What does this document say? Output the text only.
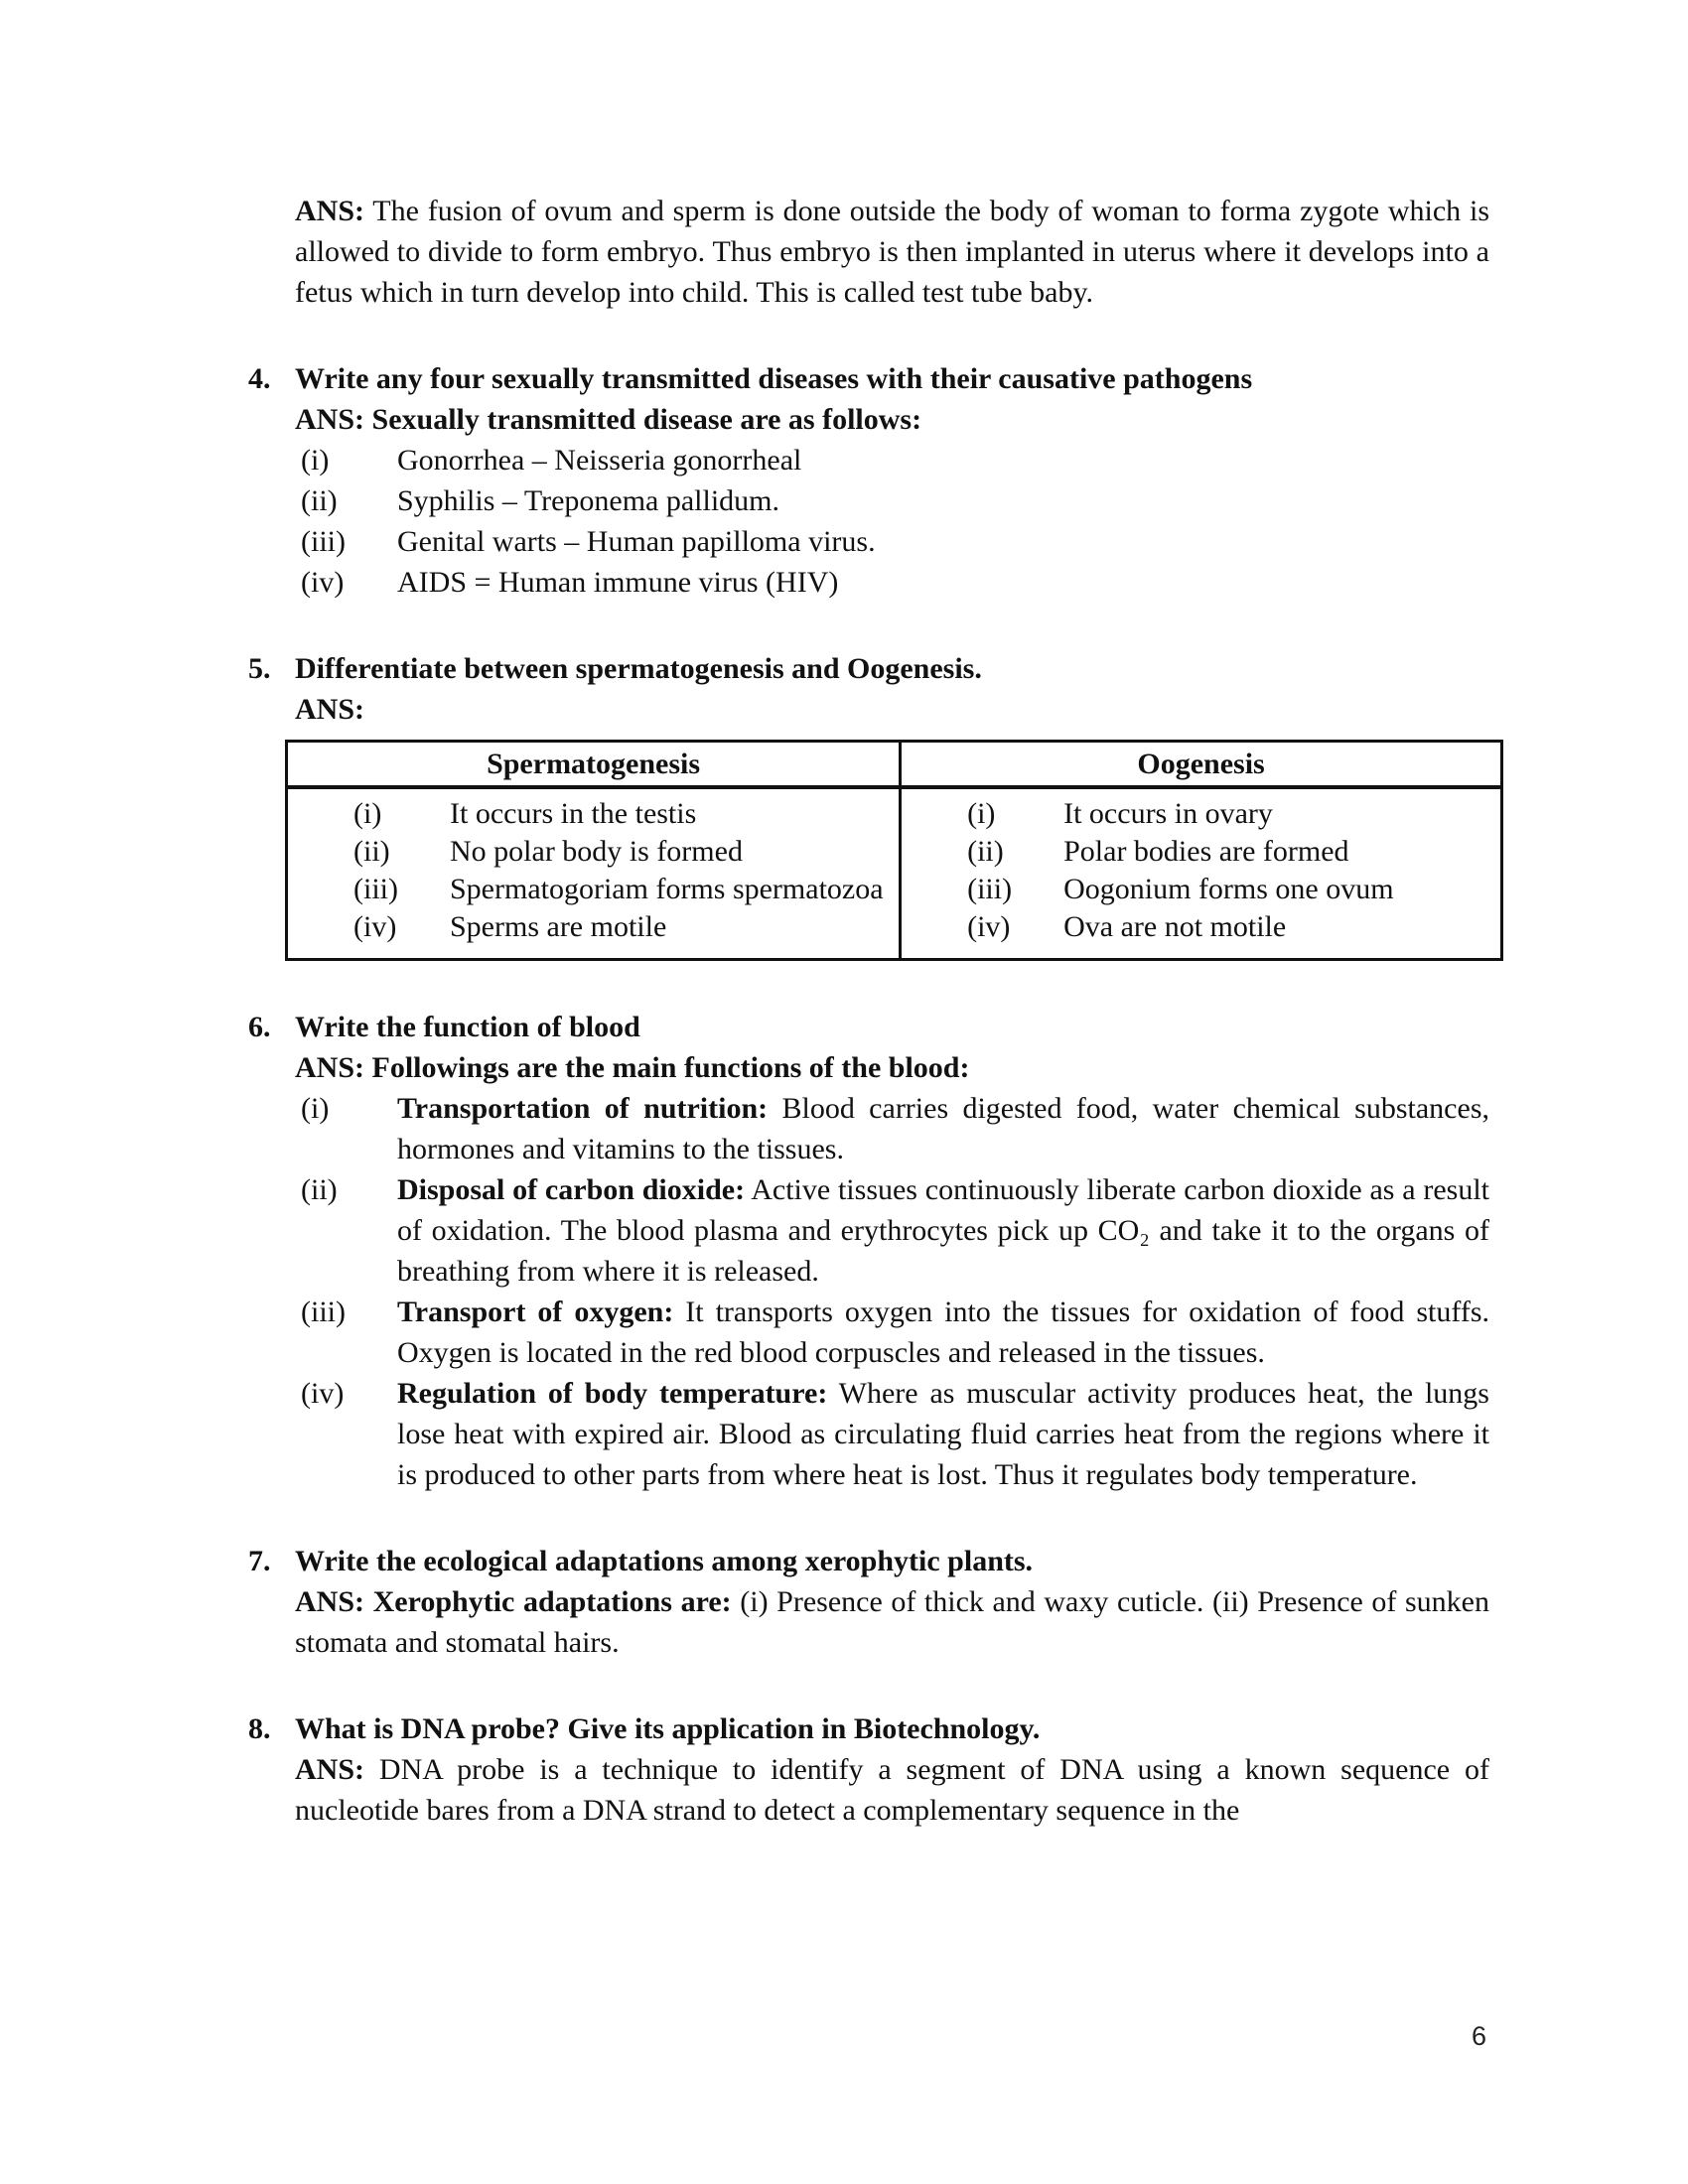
ANS: The fusion of ovum and sperm is done outside the body of woman to forma zygote which is allowed to divide to form embryo. Thus embryo is then implanted in uterus where it develops into a fetus which in turn develop into child. This is called test tube baby.
4. Write any four sexually transmitted diseases with their causative pathogens
ANS: Sexually transmitted disease are as follows:
(i)	Gonorrhea – Neisseria gonorrheal
(ii)	Syphilis – Treponema pallidum.
(iii)	Genital warts – Human papilloma virus.
(iv)	AIDS = Human immune virus (HIV)
5. Differentiate between spermatogenesis and Oogenesis.
ANS:
Spermatogenesis	Oogenesis

(i)	It occurs in the testis
(ii)	No polar body is formed
(iii)	Spermatogoriam forms spermatozoa
(iv)	Sperms are motile

(i)	It occurs in ovary
(ii)	Polar bodies are formed
(iii)	Oogonium forms one ovum
(iv)	Ova are not motile
6. Write the function of blood
ANS: Followings are the main functions of the blood:
(i)	Transportation of nutrition: Blood carries digested food, water chemical substances, hormones and vitamins to the tissues.
(ii)	Disposal of carbon dioxide: Active tissues continuously liberate carbon dioxide as a result of oxidation. The blood plasma and erythrocytes pick up CO₂ and take it to the organs of breathing from where it is released.
(iii)	Transport of oxygen: It transports oxygen into the tissues for oxidation of food stuffs. Oxygen is located in the red blood corpuscles and released in the tissues.
(iv)	Regulation of body temperature: Where as muscular activity produces heat, the lungs lose heat with expired air. Blood as circulating fluid carries heat from the regions where it is produced to other parts from where heat is lost. Thus it regulates body temperature.
7. Write the ecological adaptations among xerophytic plants.
ANS: Xerophytic adaptations are: (i) Presence of thick and waxy cuticle. (ii) Presence of sunken stomata and stomatal hairs.
8. What is DNA probe? Give its application in Biotechnology.
ANS: DNA probe is a technique to identify a segment of DNA using a known sequence of nucleotide bares from a DNA strand to detect a complementary sequence in the
6
